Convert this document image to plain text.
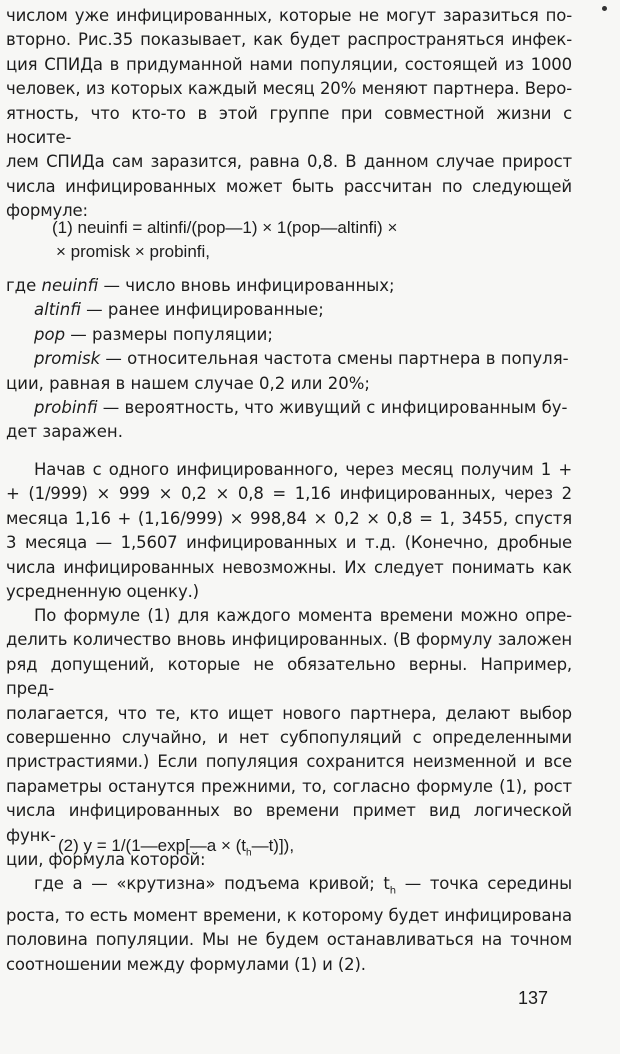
числом уже инфицированных, которые не могут заразиться по-
вторно. Рис.35 показывает, как будет распространяться инфек-
ция СПИДа в придуманной нами популяции, состоящей из 1000
человек, из которых каждый месяц 20% меняют партнера. Веро-
ятность, что кто-то в этой группе при совместной жизни с носите-
лем СПИДа сам заразится, равна 0,8. В данном случае прирост
числа инфицированных может быть рассчитан по следующей
формуле:
(1) neuinfi = altinfi/(pop—1) × 1(pop—altinfi) ×
× promisk × probinfi,
где neuinfi — число вновь инфицированных;
altinfi — ранее инфицированные;
pop — размеры популяции;
promisk — относительная частота смены партнера в популя-
ции, равная в нашем случае 0,2 или 20%;
probinfi — вероятность, что живущий с инфицированным бу-
дет заражен.
Начав с одного инфицированного, через месяц получим 1 +
+ (1/999) × 999 × 0,2 × 0,8 = 1,16 инфицированных, через 2
месяца 1,16 + (1,16/999) × 998,84 × 0,2 × 0,8 = 1, 3455, спустя
3 месяца — 1,5607 инфицированных и т.д. (Конечно, дробные
числа инфицированных невозможны. Их следует понимать как
усредненную оценку.)
По формуле (1) для каждого момента времени можно опре-
делить количество вновь инфицированных. (В формулу заложен
ряд допущений, которые не обязательно верны. Например, пред-
полагается, что те, кто ищет нового партнера, делают выбор
совершенно случайно, и нет субпопуляций с определенными
пристрастиями.) Если популяция сохранится неизменной и все
параметры останутся прежними, то, согласно формуле (1), рост
числа инфицированных во времени примет вид логической функ-
ции, формула которой:
(2) y = 1/(1—exp[—a × $(t_h—t)$]),
где a — «крутизна» подъема кривой; $t_h$ — точка середины
роста, то есть момент времени, к которому будет инфицирована
половина популяции. Мы не будем останавливаться на точном
соотношении между формулами (1) и (2).
137
